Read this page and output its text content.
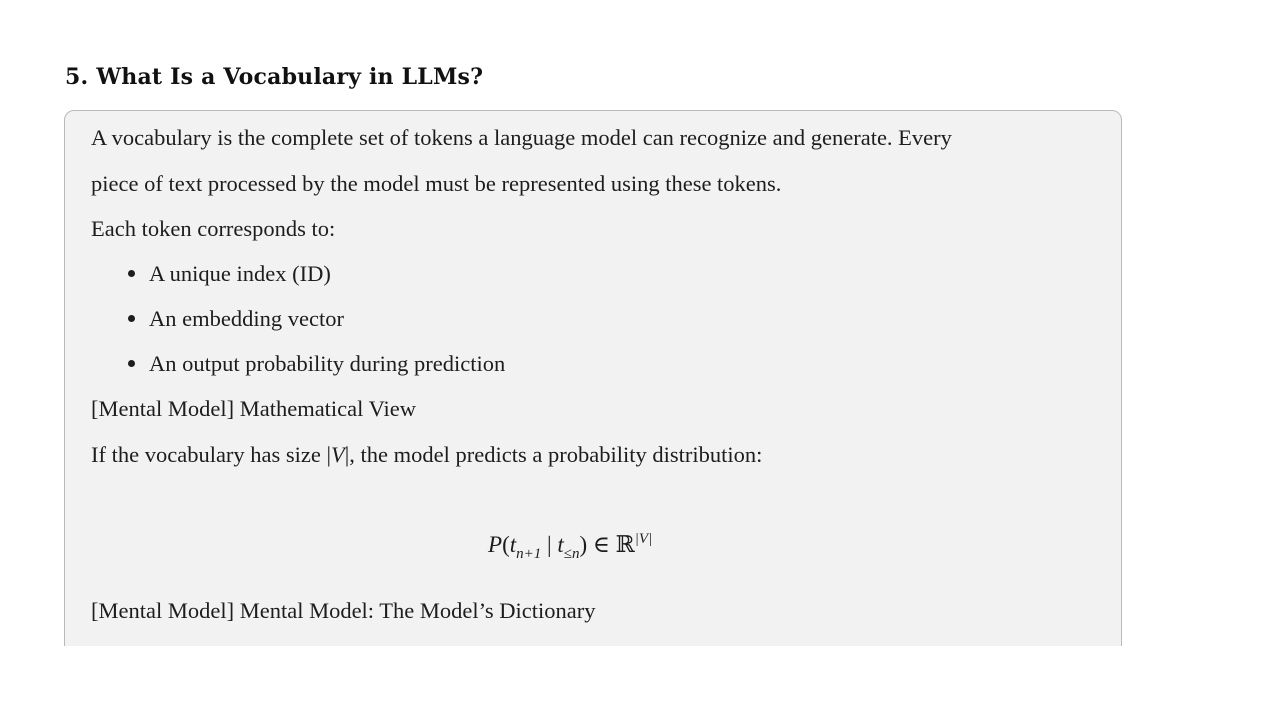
5. What Is a Vocabulary in LLMs?

A vocabulary is the complete set of tokens a language model can recognize and generate. Every

piece of text processed by the model must be represented using these tokens.

Each token corresponds to:

A unique index (ID)
An embedding vector
An output probability during prediction

[Mental Model] Mathematical View

If the vocabulary has size |V|, the model predicts a probability distribution:

$P(t_{n+1}$ | $t_{\le n}$) ∈ ℝ$^{|V|}$

[Mental Model] Mental Model: The Model’s Dictionary
